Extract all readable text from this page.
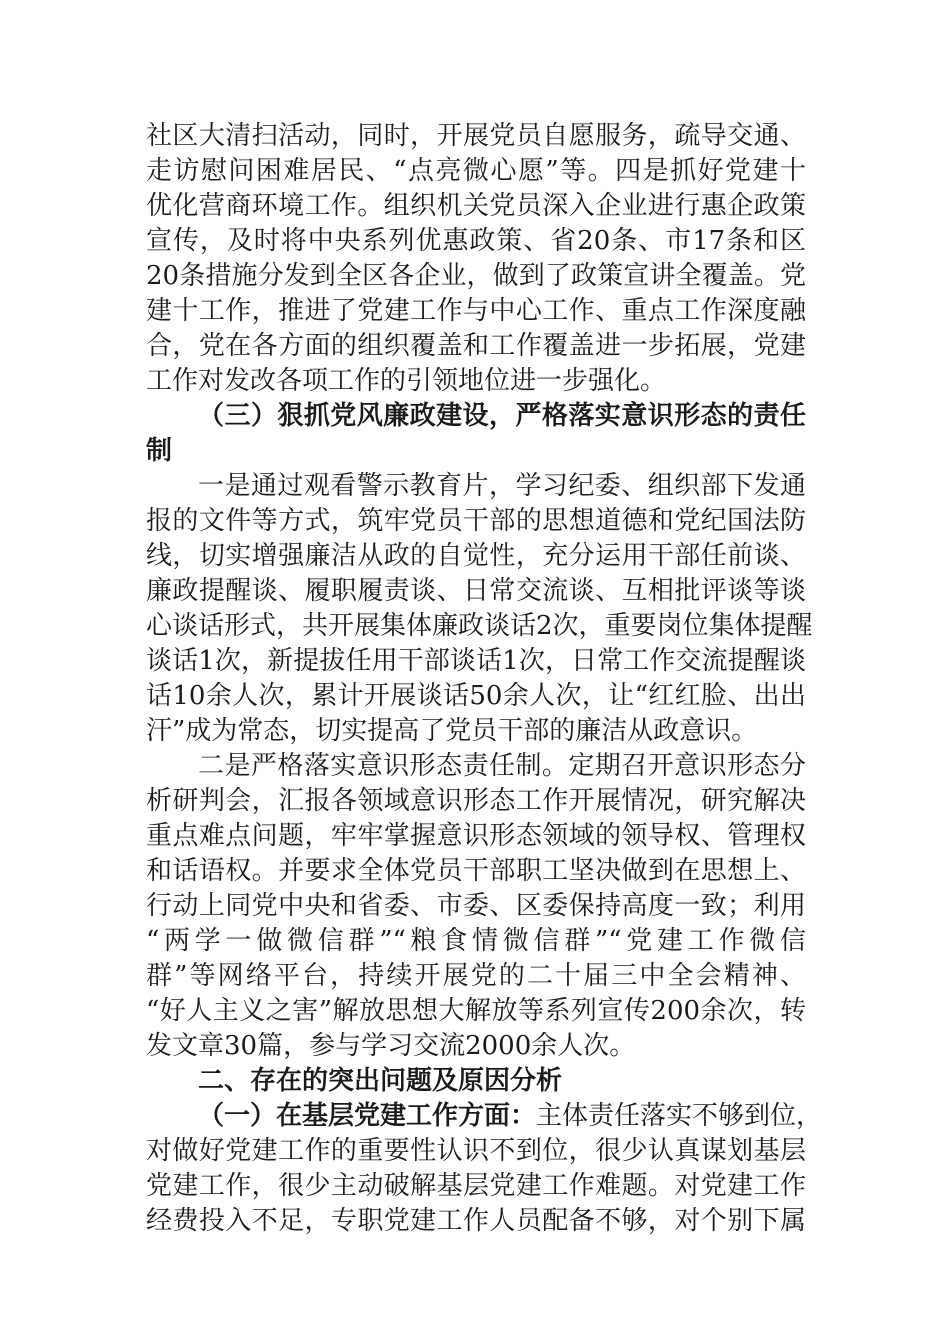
社区大清扫活动，同时，开展党员自愿服务，疏导交通、
走访慰问困难居民、“点亮微心愿”等。四是抓好党建十
优化营商环境工作。组织机关党员深入企业进行惠企政策
宣传，及时将中央系列优惠政策、省20条、市17条和区
20条措施分发到全区各企业，做到了政策宣讲全覆盖。党
建十工作，推进了党建工作与中心工作、重点工作深度融
合，党在各方面的组织覆盖和工作覆盖进一步拓展，党建
工作对发改各项工作的引领地位进一步强化。
（三）狠抓党风廉政建设，严格落实意识形态的责任
制
一是通过观看警示教育片，学习纪委、组织部下发通
报的文件等方式，筑牢党员干部的思想道德和党纪国法防
线，切实增强廉洁从政的自觉性，充分运用干部任前谈、
廉政提醒谈、履职履责谈、日常交流谈、互相批评谈等谈
心谈话形式，共开展集体廉政谈话2次，重要岗位集体提醒
谈话1次，新提拔任用干部谈话1次，日常工作交流提醒谈
话10余人次，累计开展谈话50余人次，让“红红脸、出出
汗”成为常态，切实提高了党员干部的廉洁从政意识。
二是严格落实意识形态责任制。定期召开意识形态分
析研判会，汇报各领域意识形态工作开展情况，研究解决
重点难点问题，牢牢掌握意识形态领域的领导权、管理权
和话语权。并要求全体党员干部职工坚决做到在思想上、
行动上同党中央和省委、市委、区委保持高度一致；利用
“两学一做微信群”“粮食情微信群”“党建工作微信
群”等网络平台，持续开展党的二十届三中全会精神、
“好人主义之害”解放思想大解放等系列宣传200余次，转
发文章30篇，参与学习交流2000余人次。
二、存在的突出问题及原因分析
（一）在基层党建工作方面：主体责任落实不够到位，
对做好党建工作的重要性认识不到位，很少认真谋划基层
党建工作，很少主动破解基层党建工作难题。对党建工作
经费投入不足，专职党建工作人员配备不够，对个别下属
